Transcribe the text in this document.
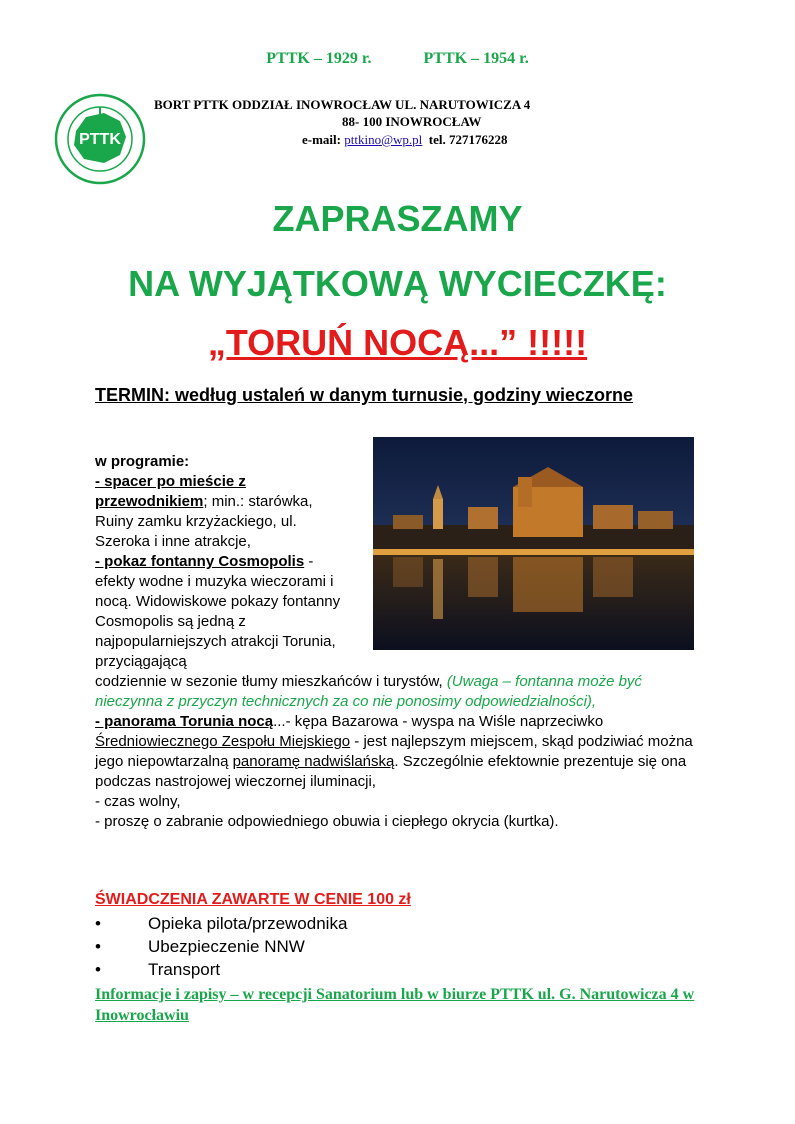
PTTK – 1929 r.	PTTK – 1954 r.
PTTK
BORT PTTK ODDZIAŁ INOWROCŁAW UL. NARUTOWICZA 4
88- 100 INOWROCŁAW
e-mail: pttkino@wp.pl tel. 727176228
ZAPRASZAMY
NA WYJĄTKOWĄ WYCIECZKĘ:
„TORUŃ NOCĄ...” !!!!!
TERMIN: według ustaleń w danym turnusie, godziny wieczorne
w programie:
- spacer po mieście z przewodnikiem; min.: starówka, Ruiny zamku krzyżackiego, ul. Szeroka i inne atrakcje,
- pokaz fontanny Cosmopolis - efekty wodne i muzyka wieczorami i nocą. Widowiskowe pokazy fontanny Cosmopolis są jedną z najpopularniejszych atrakcji Torunia, przyciągającą
codziennie w sezonie tłumy mieszkańców i turystów, (Uwaga – fontanna może być nieczynna z przyczyn technicznych za co nie ponosimy odpowiedzialności),
- panorama Torunia nocą...- kępa Bazarowa - wyspa na Wiśle naprzeciwko Średniowiecznego Zespołu Miejskiego - jest najlepszym miejscem, skąd podziwiać można jego niepowtarzalną panoramę nadwiślańską. Szczególnie efektownie prezentuje się ona podczas nastrojowej wieczornej iluminacji,
- czas wolny,
- proszę o zabranie odpowiedniego obuwia i ciepłego okrycia (kurtka).
ŚWIADCZENIA ZAWARTE W CENIE 100 zł
• Opieka pilota/przewodnika
• Ubezpieczenie NNW
• Transport
Informacje i zapisy – w recepcji Sanatorium lub w biurze PTTK ul. G. Narutowicza 4 w Inowrocławiu
